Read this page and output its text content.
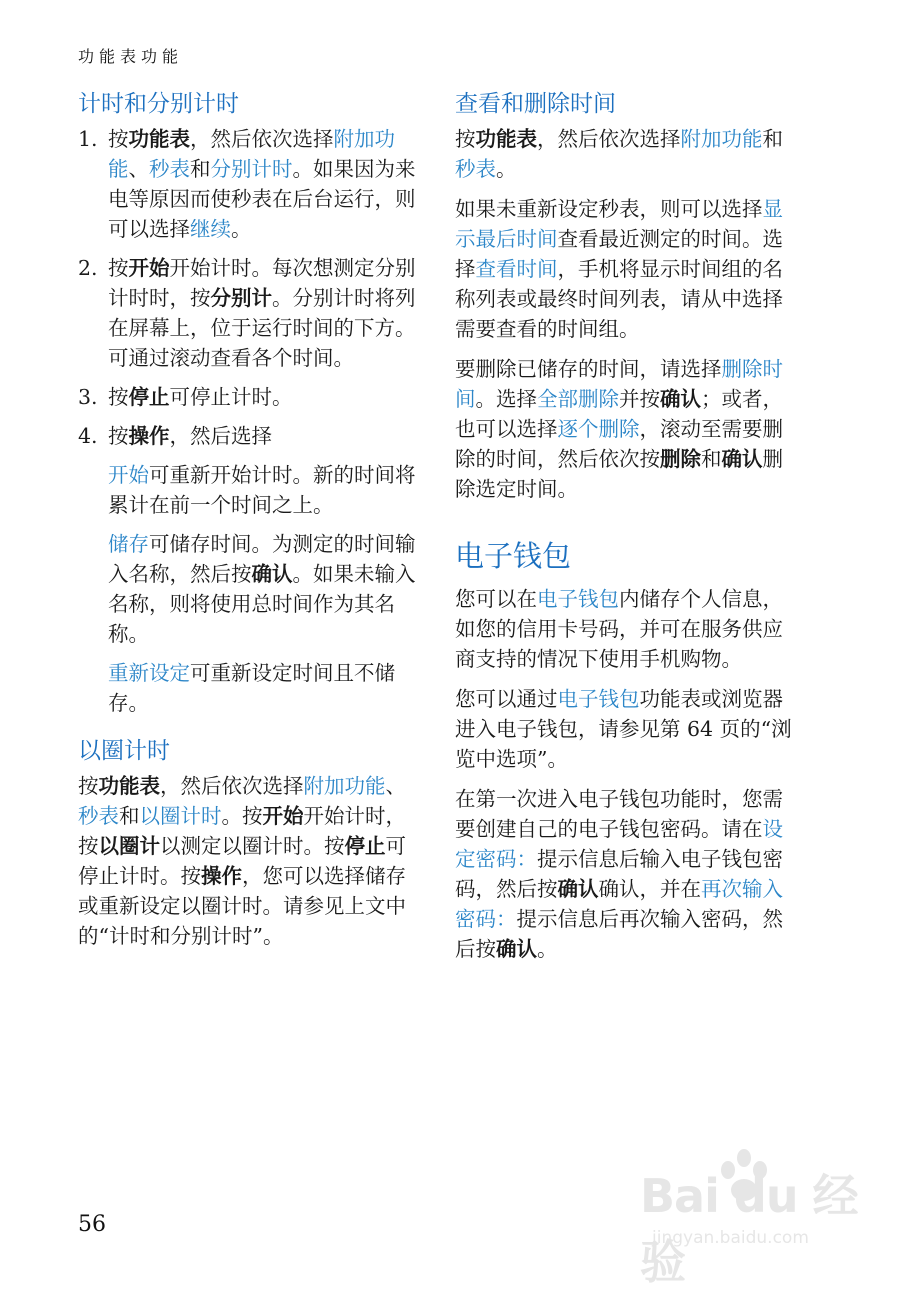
功能表功能
计时和分别计时
1. 按功能表，然后依次选择附加功能、秒表和分别计时。如果因为来电等原因而使秒表在后台运行，则可以选择继续。
2. 按开始开始计时。每次想测定分别计时时，按分别计。分别计时将列在屏幕上，位于运行时间的下方。可通过滚动查看各个时间。
3. 按停止可停止计时。
4. 按操作，然后选择
开始可重新开始计时。新的时间将累计在前一个时间之上。
储存可储存时间。为测定的时间输入名称，然后按确认。如果未输入名称，则将使用总时间作为其名称。
重新设定可重新设定时间且不储存。
以圈计时

按功能表，然后依次选择附加功能、秒表和以圈计时。按开始开始计时，按以圈计以测定以圈计时。按停止可停止计时。按操作，您可以选择储存或重新设定以圈计时。请参见上文中的“计时和分别计时”。

查看和删除时间

按功能表，然后依次选择附加功能和秒表。

如果未重新设定秒表，则可以选择显示最后时间查看最近测定的时间。选择查看时间，手机将显示时间组的名称列表或最终时间列表，请从中选择需要查看的时间组。

要删除已储存的时间，请选择删除时间。选择全部删除并按确认；或者，也可以选择逐个删除，滚动至需要删除的时间，然后依次按删除和确认删除选定时间。

电子钱包

您可以在电子钱包内储存个人信息，如您的信用卡号码，并可在服务供应商支持的情况下使用手机购物。

您可以通过电子钱包功能表或浏览器进入电子钱包，请参见第 64 页的“浏览中选项”。

在第一次进入电子钱包功能时，您需要创建自己的电子钱包密码。请在设定密码：提示信息后输入电子钱包密码，然后按确认确认，并在再次输入密码：提示信息后再次输入密码，然后按确认。

56
Bai du 经验
jingyan.baidu.com
